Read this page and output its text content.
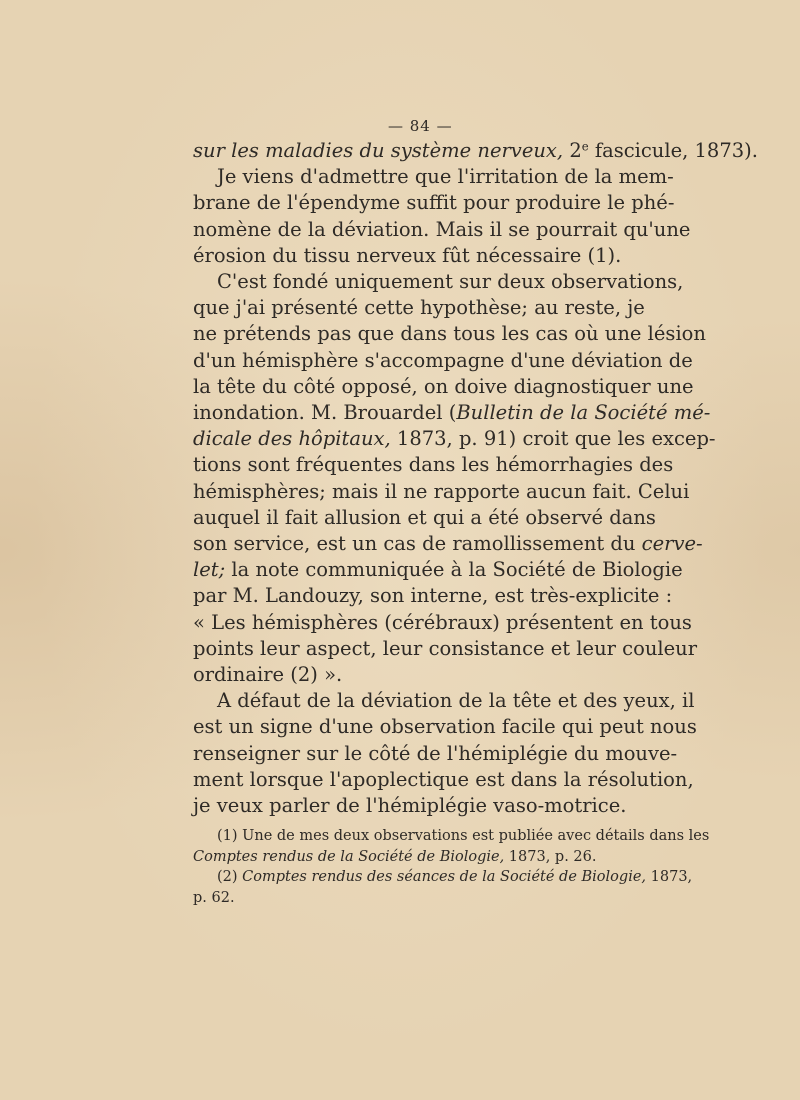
— 84 —
sur les maladies du système nerveux, 2e fascicule, 1873).
Je viens d'admettre que l'irritation de la mem-
brane de l'épendyme suffit pour produire le phé-
nomène de la déviation. Mais il se pourrait qu'une
érosion du tissu nerveux fût nécessaire (1).
C'est fondé uniquement sur deux observations,
que j'ai présenté cette hypothèse; au reste, je
ne prétends pas que dans tous les cas où une lésion
d'un hémisphère s'accompagne d'une déviation de
la tête du côté opposé, on doive diagnostiquer une
inondation. M. Brouardel (Bulletin de la Société mé-
dicale des hôpitaux, 1873, p. 91) croit que les excep-
tions sont fréquentes dans les hémorrhagies des
hémisphères; mais il ne rapporte aucun fait. Celui
auquel il fait allusion et qui a été observé dans
son service, est un cas de ramollissement du cerve-
let; la note communiquée à la Société de Biologie
par M. Landouzy, son interne, est très-explicite :
« Les hémisphères (cérébraux) présentent en tous
points leur aspect, leur consistance et leur couleur
ordinaire (2) ».
A défaut de la déviation de la tête et des yeux, il
est un signe d'une observation facile qui peut nous
renseigner sur le côté de l'hémiplégie du mouve-
ment lorsque l'apoplectique est dans la résolution,
je veux parler de l'hémiplégie vaso-motrice.
(1) Une de mes deux observations est publiée avec détails dans les
Comptes rendus de la Société de Biologie, 1873, p. 26.
(2) Comptes rendus des séances de la Société de Biologie, 1873,
p. 62.
